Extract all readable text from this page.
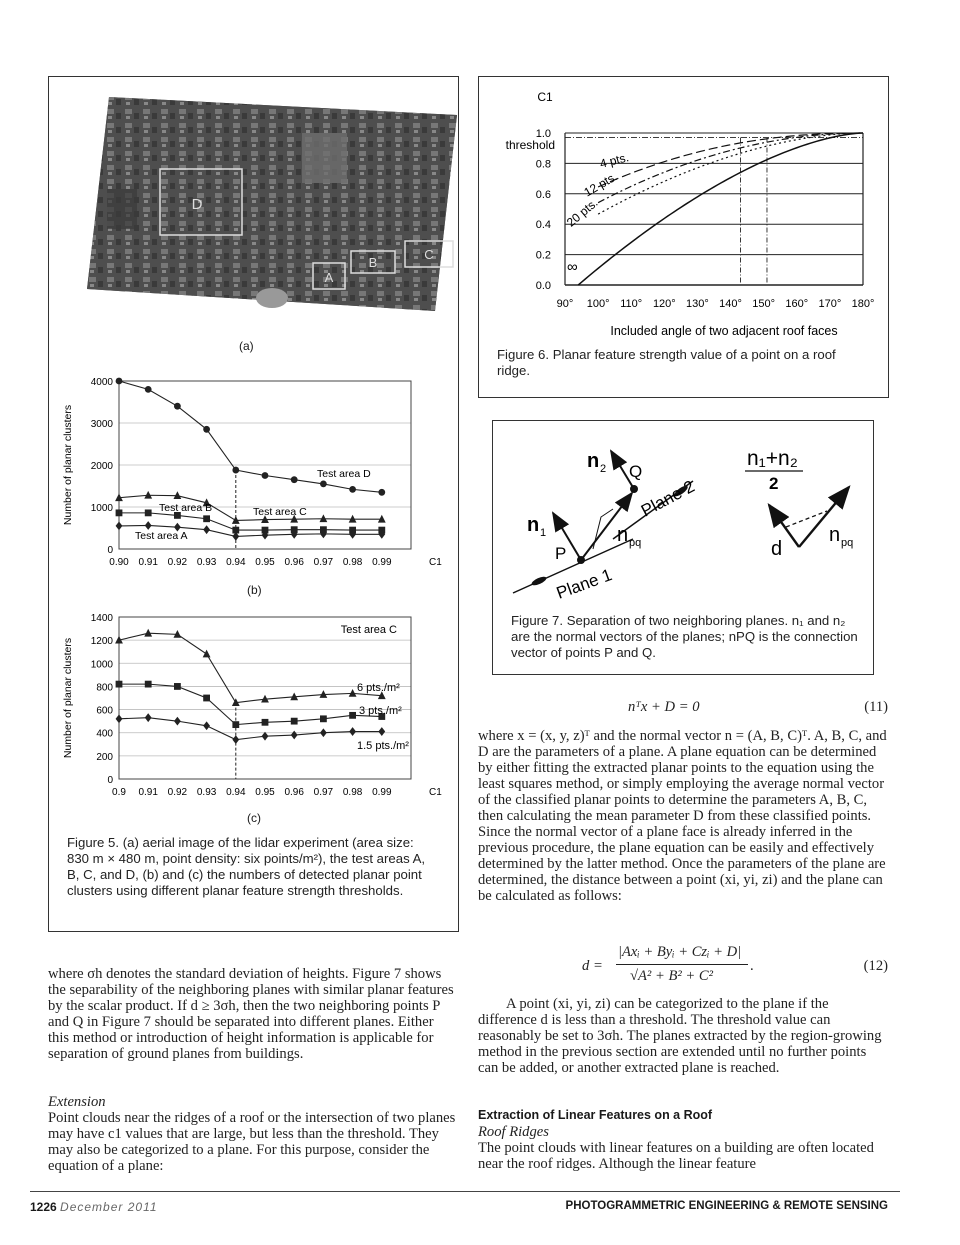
D
A
B
C
(a)
0
1000
2000
3000
4000
0.90 0.91 0.92 0.93 0.94 0.95 0.96 0.97 0.98 0.99	C1
Number of planar clusters	Test area D
Test area C
Test area B
Test area A
(b)
0
200
400
600
800
1000
1200
1400
0.9 0.91 0.92 0.93 0.94 0.95 0.96 0.97 0.98 0.99	C1
Number of planar clusters	6 pts./m²
3 pts./m²
1.5 pts./m²
Test area C
(c)
Figure 5. (a) aerial image of the lidar experiment (area size: 830 m × 480 m, point density: six points/m²), the test areas A, B, C, and D, (b) and (c) the numbers of detected planar point clusters using different planar feature strength thresholds.
C1
0.0
0.2
0.4
0.6
0.8
1.0
threshold
90° 100° 110° 120° 130° 140° 150° 160° 170° 180°
Included angle of two adjacent roof faces
∞
4 pts.
12 pts.
20 pts.
Figure 6. Planar feature strength value of a point on a roof ridge.
n 1
n 2
P
Q
n pq
Plane 1
Plane 2
n₁+n₂
2
d
n pq
Figure 7. Separation of two neighboring planes. n₁ and n₂ are the normal vectors of the planes; nPQ is the connection vector of points P and Q.
nᵀx + D = 0	(11)
where x = (x, y, z)ᵀ and the normal vector n = (A, B, C)ᵀ. A, B, C, and D are the parameters of a plane. A plane equation can be determined by either fitting the extracted planar points to the equation using the least squares method, or simply employing the average normal vector of the classified planar points to determine the parameters A, B, C, then calculating the mean parameter D from these classified points. Since the normal vector of a plane face is already inferred in the previous procedure, the plane equation can be easily and effectively determined by the latter method. Once the parameters of the plane are determined, the distance between a point (xi, yi, zi) and the plane can be calculated as follows:
d =
|Axᵢ + Byᵢ + Czᵢ + D|
√A² + B² + C²
.	(12)
A point (xi, yi, zi) can be categorized to the plane if the difference d is less than a threshold. The threshold value can reasonably be set to 3σh. The planes extracted by the region-growing method in the previous section are extended until no further points can be added, or another extracted plane is reached.
Extraction of Linear Features on a Roof
Roof Ridges
The point clouds with linear features on a building are often located near the roof ridges. Although the linear feature
where σh denotes the standard deviation of heights. Figure 7 shows the separability of the neighboring planes with similar planar features by the scalar product. If d ≥ 3σh, then the two neighboring points P and Q in Figure 7 should be separated into different planes. Either this method or introduction of height information is applicable for separation of ground planes from buildings.
Extension
Point clouds near the ridges of a roof or the intersection of two planes may have c1 values that are large, but less than the threshold. They may also be categorized to a plane. For this purpose, consider the equation of a plane:
1226 December 2011	PHOTOGRAMMETRIC ENGINEERING & REMOTE SENSING
